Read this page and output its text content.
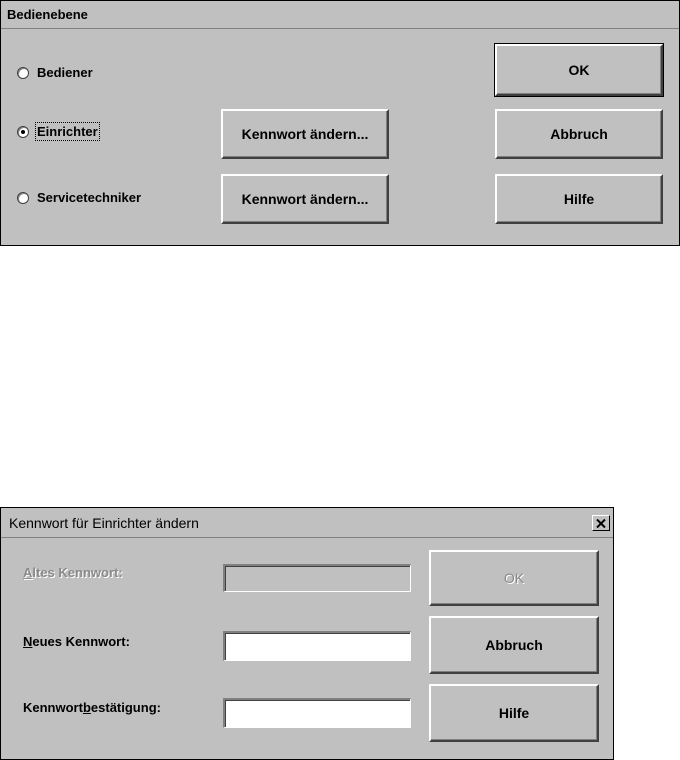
Bedienebene
Bediener
Einrichter
Servicetechniker
Kennwort ändern...
Kennwort ändern...
OK
Abbruch
Hilfe
Kennwort für Einrichter ändern
Altes Kennwort:
Neues Kennwort:
Kennwortbestätigung:
OK
Abbruch
Hilfe
